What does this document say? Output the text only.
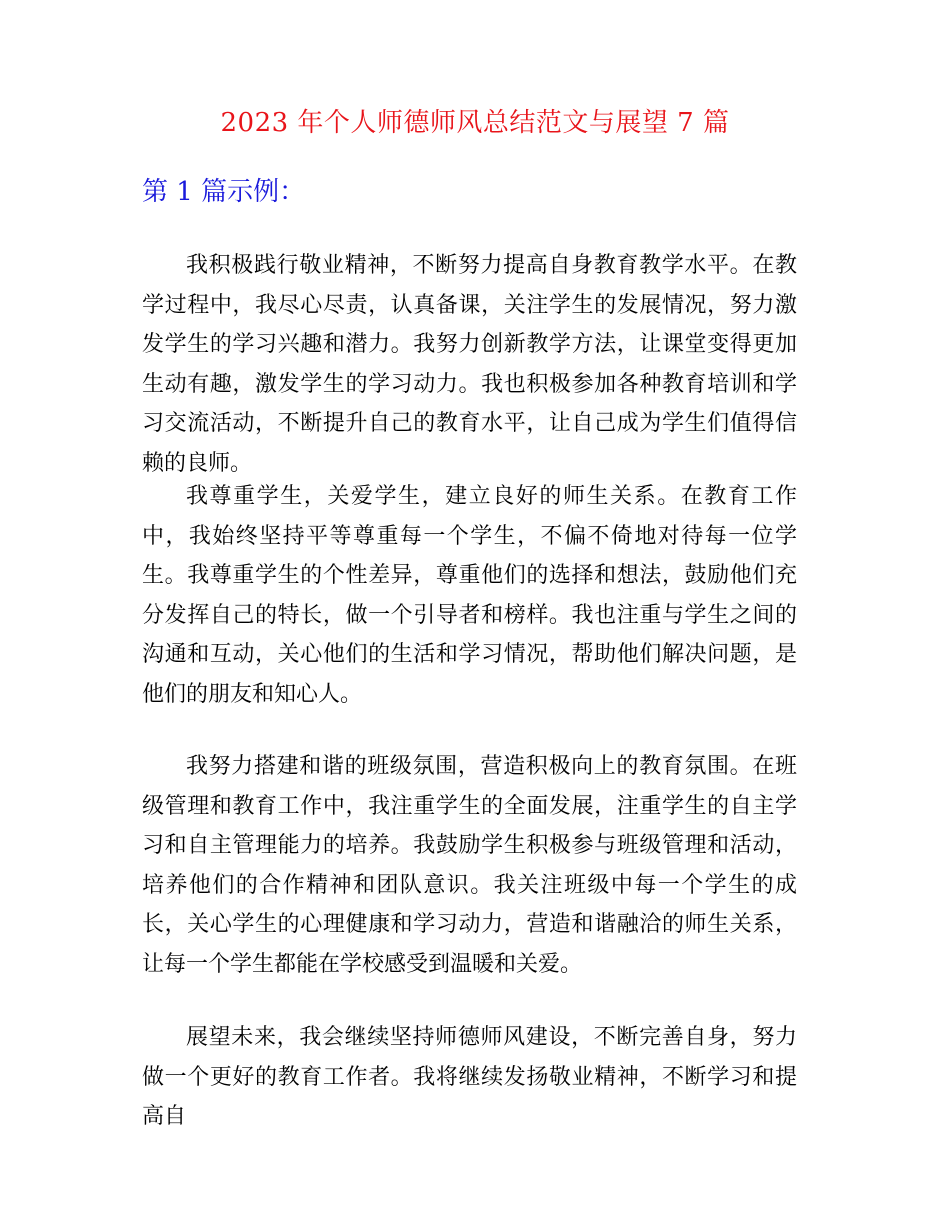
2023 年个人师德师风总结范文与展望 7 篇
第 1 篇示例：

我积极践行敬业精神，不断努力提高自身教育教学水平。在教学过程中，我尽心尽责，认真备课，关注学生的发展情况，努力激发学生的学习兴趣和潜力。我努力创新教学方法，让课堂变得更加生动有趣，激发学生的学习动力。我也积极参加各种教育培训和学习交流活动，不断提升自己的教育水平，让自己成为学生们值得信赖的良师。

我尊重学生，关爱学生，建立良好的师生关系。在教育工作中，我始终坚持平等尊重每一个学生，不偏不倚地对待每一位学生。我尊重学生的个性差异，尊重他们的选择和想法，鼓励他们充分发挥自己的特长，做一个引导者和榜样。我也注重与学生之间的沟通和互动，关心他们的生活和学习情况，帮助他们解决问题，是他们的朋友和知心人。

我努力搭建和谐的班级氛围，营造积极向上的教育氛围。在班级管理和教育工作中，我注重学生的全面发展，注重学生的自主学习和自主管理能力的培养。我鼓励学生积极参与班级管理和活动，培养他们的合作精神和团队意识。我关注班级中每一个学生的成长，关心学生的心理健康和学习动力，营造和谐融洽的师生关系，让每一个学生都能在学校感受到温暖和关爱。

展望未来，我会继续坚持师德师风建设，不断完善自身，努力做一个更好的教育工作者。我将继续发扬敬业精神，不断学习和提高自
